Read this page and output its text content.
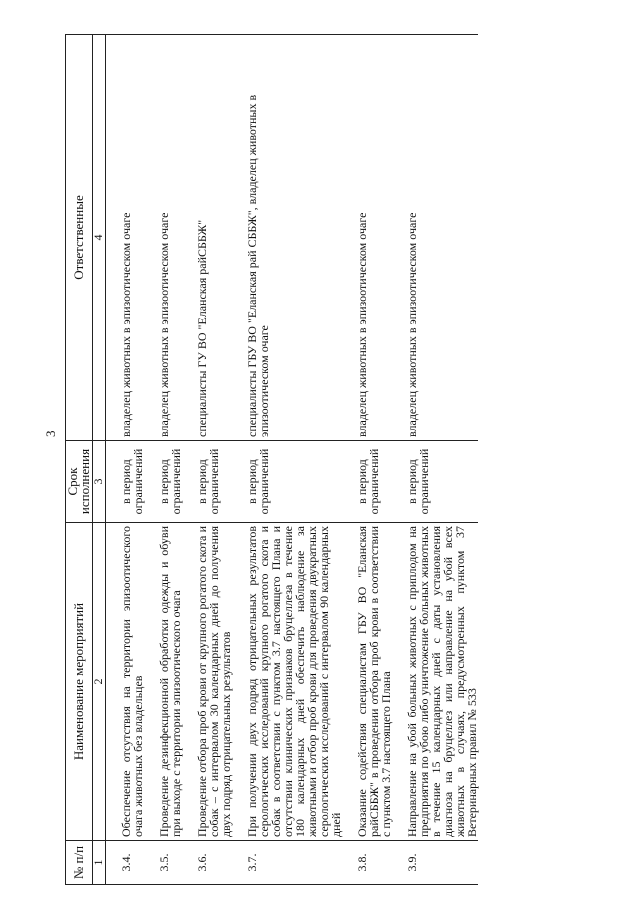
3
№ п/п	Наименование мероприятий	Срок исполнения	Ответственные
1	2	3	4

3.4.	Обеспечение отсутствия на территории эпизоотического очага животных без владельцев	в период ограничений	владелец животных в эпизоотическом очаге

3.5.	Проведение дезинфекционной обработки одежды и обуви при выходе с территории эпизоотического очага	в период ограничений	владелец животных в эпизоотическом очаге

3.6.	Проведение отбора проб крови от крупного рогатого скота и собак – с интервалом 30 календарных дней до получения двух подряд отрицательных результатов	в период ограничений	специалисты ГУ ВО "Еланская райСББЖ"

3.7.	При получении двух подряд отрицательных результатов серологических исследований крупного рогатого скота и собак в соответствии с пунктом 3.7 настоящего Плана и отсутствии клинических признаков бруцеллеза в течение 180 календарных дней обеспечить наблюдение за животными и отбор проб крови для проведения двукратных серологических исследований с интервалом 90 календарных дней	в период ограничений	специалисты ГБУ ВО "Еланская рай СББЖ", владелец животных в эпизоотическом очаге

3.8.	Оказание содействия специалистам ГБУ ВО "Еланская райСББЖ" в проведении отбора проб крови в соответствии с пунктом 3.7 настоящего Плана	в период ограничений	владелец животных в эпизоотическом очаге

3.9.	Направление на убой больных животных с приплодом на предприятия по убою либо уничтожение больных животных в течение 15 календарных дней с даты установления диагноза на бруцеллез или направление на убой всех животных в случаях, предусмотренных пунктом 37 Ветеринарных правил № 533	в период ограничений	владелец животных в эпизоотическом очаге
